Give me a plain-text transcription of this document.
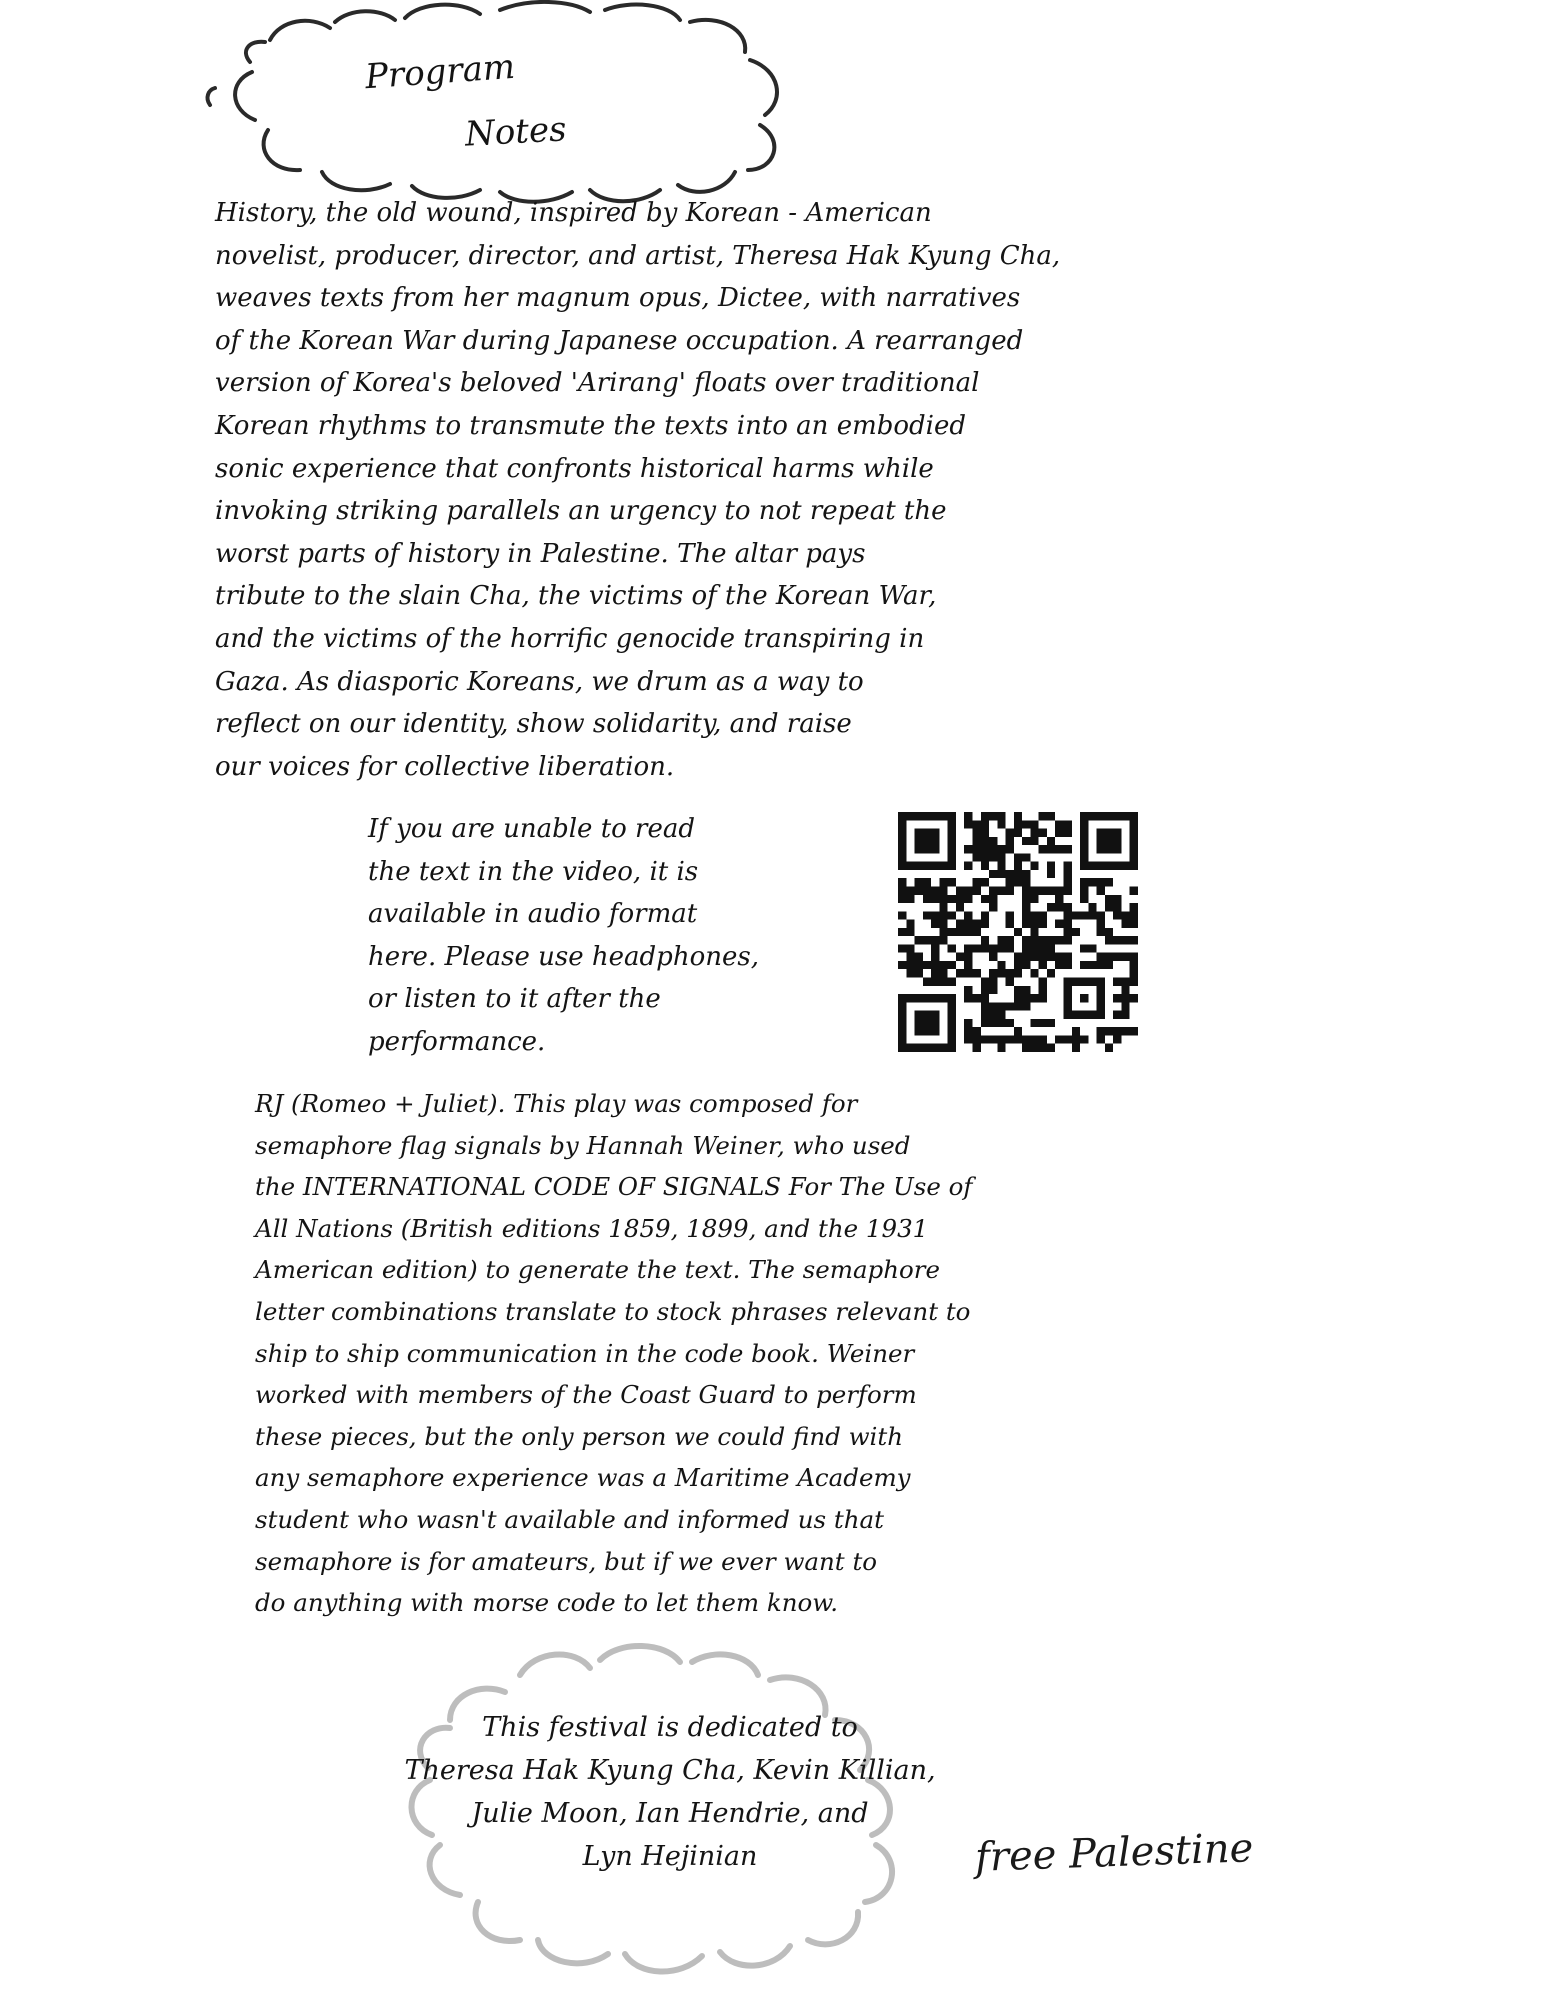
Program
Notes
History, the old wound, inspired by Korean - American
novelist, producer, director, and artist, Theresa Hak Kyung Cha,
weaves texts from her magnum opus, Dictee, with narratives
of the Korean War during Japanese occupation. A rearranged
version of Korea's beloved 'Arirang' floats over traditional
Korean rhythms to transmute the texts into an embodied
sonic experience that confronts historical harms while
invoking striking parallels an urgency to not repeat the
worst parts of history in Palestine. The altar pays
tribute to the slain Cha, the victims of the Korean War,
and the victims of the horrific genocide transpiring in
Gaza. As diasporic Koreans, we drum as a way to
reflect on our identity, show solidarity, and raise
our voices for collective liberation.
If you are unable to read
the text in the video, it is
available in audio format
here. Please use headphones,
or listen to it after the
performance.
RJ (Romeo + Juliet). This play was composed for
semaphore flag signals by Hannah Weiner, who used
the INTERNATIONAL CODE OF SIGNALS For The Use of
All Nations (British editions 1859, 1899, and the 1931
American edition) to generate the text. The semaphore
letter combinations translate to stock phrases relevant to
ship to ship communication in the code book. Weiner
worked with members of the Coast Guard to perform
these pieces, but the only person we could find with
any semaphore experience was a Maritime Academy
student who wasn't available and informed us that
semaphore is for amateurs, but if we ever want to
do anything with morse code to let them know.
This festival is dedicated to
Theresa Hak Kyung Cha, Kevin Killian,
Julie Moon, Ian Hendrie, and
Lyn Hejinian	free Palestine
